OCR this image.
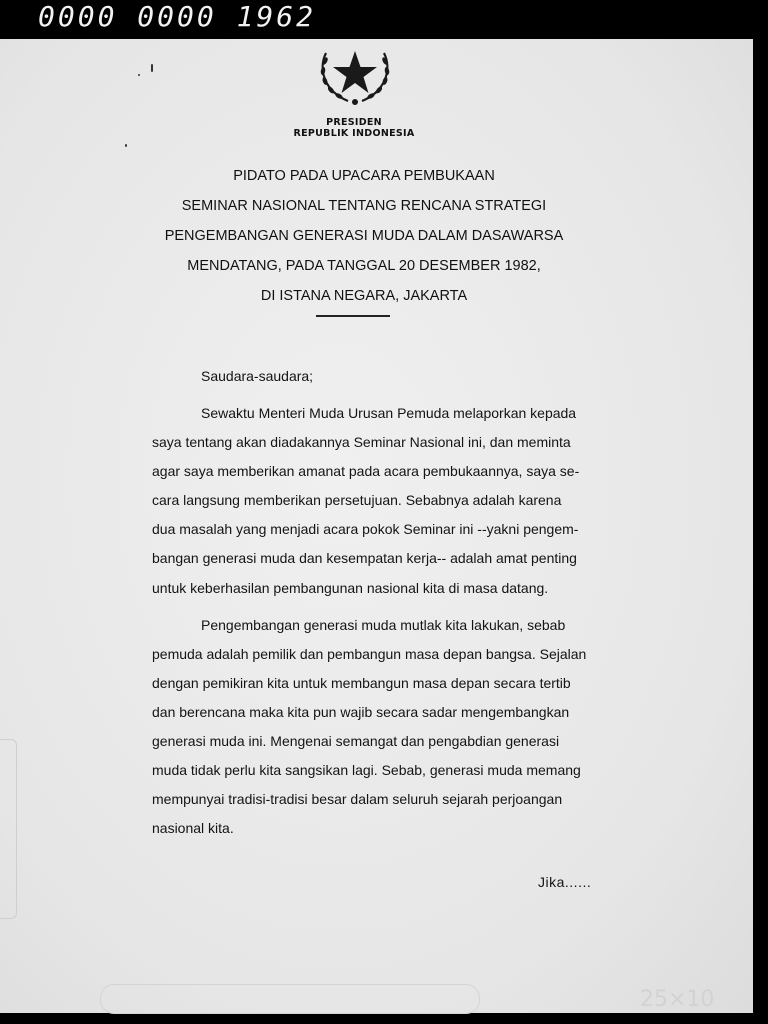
0000 0000 1962
25×10
PRESIDEN
REPUBLIK INDONESIA
PIDATO PADA UPACARA PEMBUKAAN
SEMINAR NASIONAL TENTANG RENCANA STRATEGI
PENGEMBANGAN GENERASI MUDA DALAM DASAWARSA
MENDATANG, PADA TANGGAL 20 DESEMBER 1982,
DI ISTANA NEGARA, JAKARTA
Saudara-saudara;
Sewaktu Menteri Muda Urusan Pemuda melaporkan kepada
saya tentang akan diadakannya Seminar Nasional ini, dan meminta
agar saya memberikan amanat pada acara pembukaannya, saya se-
cara langsung memberikan persetujuan. Sebabnya adalah karena
dua masalah yang menjadi acara pokok Seminar ini --yakni pengem-
bangan generasi muda dan kesempatan kerja-- adalah amat penting
untuk keberhasilan pembangunan nasional kita di masa datang.
Pengembangan generasi muda mutlak kita lakukan, sebab
pemuda adalah pemilik dan pembangun masa depan bangsa. Sejalan
dengan pemikiran kita untuk membangun masa depan secara tertib
dan berencana maka kita pun wajib secara sadar mengembangkan
generasi muda ini. Mengenai semangat dan pengabdian generasi
muda tidak perlu kita sangsikan lagi. Sebab, generasi muda memang
mempunyai tradisi-tradisi besar dalam seluruh sejarah perjoangan
nasional kita.
Jika......
